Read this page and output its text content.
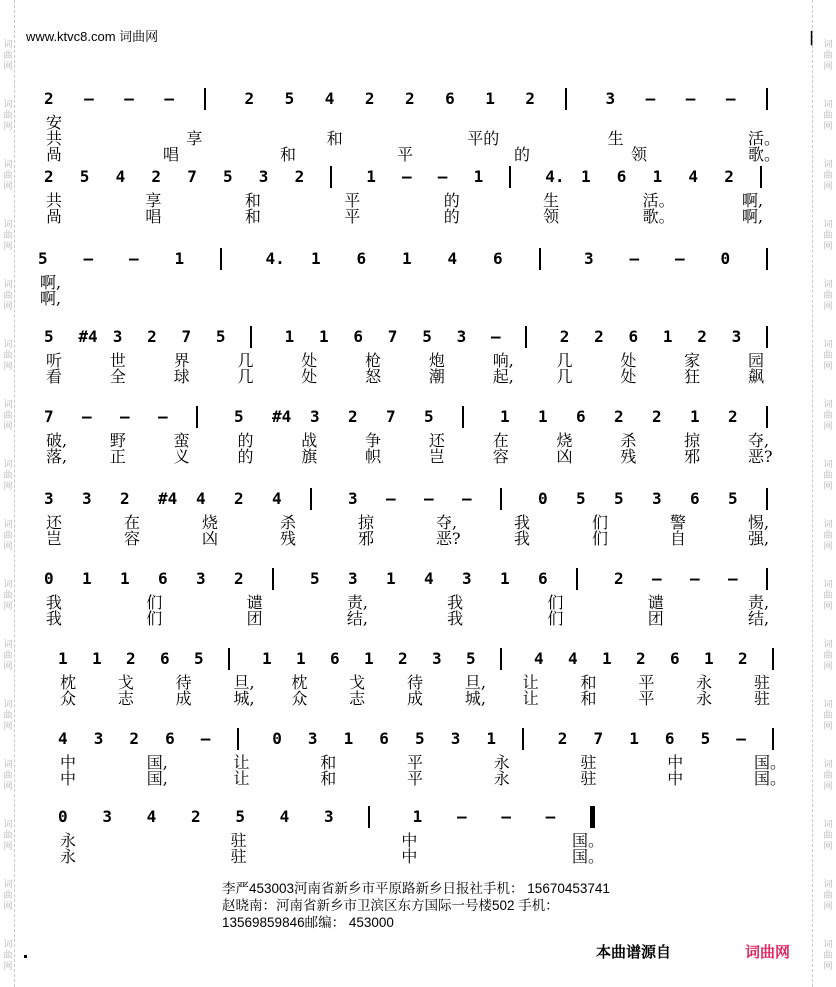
词
曲
网
词
曲
网
词
曲
网
词
曲
网
词
曲
网
词
曲
网
词
曲
网
词
曲
网
词
曲
网
词
曲
网
词
曲
网
词
曲
网
词
曲
网
词
曲
网
词
曲
网
词
曲
网
词
曲
网
词
曲
网
词
曲
网
词
曲
网
词
曲
网
词
曲
网
词
曲
网
词
曲
网
词
曲
网
词
曲
网
词
曲
网
词
曲
网
词
曲
网
词
曲
网
词
曲
网
词
曲
网
www.ktvc8.com 词曲网	|
2 — — —	2 5 4 2 2 6 1 2	3 — — —
安
共	享	和	平的	生	活。
咼	唱	和	平	的	领	歌。
2 5 4 2 7 5 3 2	1 — — 1	4. 1 6 1 4 2
共	享	和	平	的	生	活。	啊,
咼	唱	和	平	的	领	歌。	啊,
5 — — 1	4. 1 6 1 4 6	3 — — 0
啊,
啊,
5 #4 3 2 7 5	1 1 6 7 5 3 —	2 2 6 1 2 3
听	世	界	几	处	枪	炮	响,	几	处	家	园
看	全	球	几	处	怒	潮	起,	几	处	狂	飙
7 — — —	5 #4 3 2 7 5	1 1 6 2 2 1 2
破,	野	蛮	的	战	争	还	在	烧	杀	掠	夺,
落,	正	义	的	旗	帜	岂	容	凶	残	邪	恶?
3 3 2 #4 4 2 4	3 — — —	0 5 5 3 6 5
还	在	烧	杀	掠	夺,	我	们	警	惕,
岂	容	凶	残	邪	恶?	我	们	自	强,
0 1 1 6 3 2	5 3 1 4 3 1 6	2 — — —
我	们	谴	责,	我	们	谴	责,
我	们	团	结,	我	们	团	结,
1 1 2 6 5	1 1 6 1 2 3 5	4 4 1 2 6 1 2
枕	戈	待	旦, 枕	戈	待	旦, 让	和	平	永	驻
众	志	成	城, 众	志	成	城, 让	和	平	永	驻
4 3 2 6 —	0 3 1 6 5 3 1	2 7 1 6 5 —
中	国,	让	和	平	永	驻	中	国。
中	国,	让	和	平	永	驻	中	国。
0 3 4 2 5 4 3	1 — — —
永	驻	中	国。
永	驻	中	国。
李严453003河南省新乡市平原路新乡日报社手机： 15670453741
赵晓南：河南省新乡市卫滨区东方国际一号楼502 手机：
13569859846邮编： 453000
本曲谱源自	词曲网
